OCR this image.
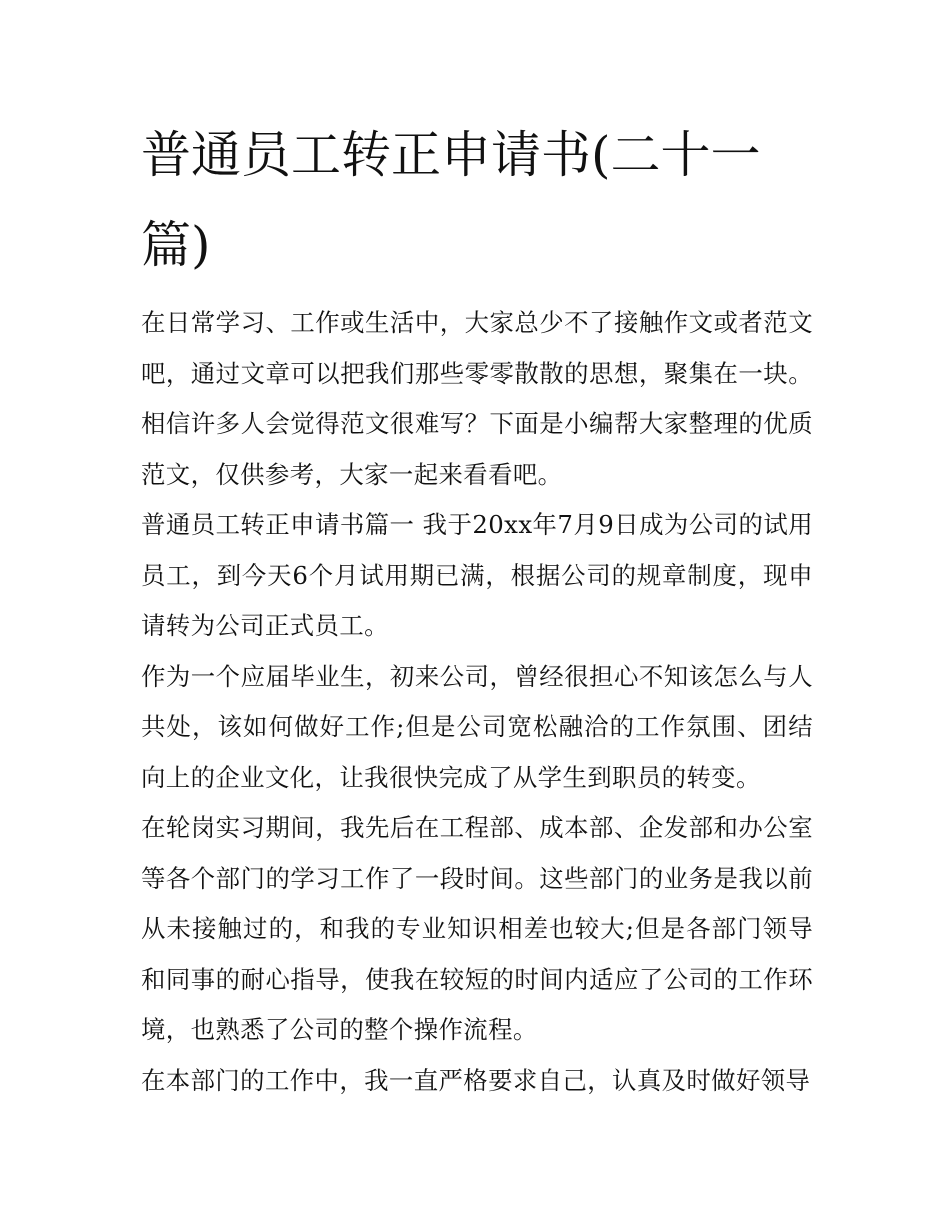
普通员工转正申请书(二十一篇)

在日常学习、工作或生活中，大家总少不了接触作文或者范文吧，通过文章可以把我们那些零零散散的思想，聚集在一块。相信许多人会觉得范文很难写？下面是小编帮大家整理的优质范文，仅供参考，大家一起来看看吧。

普通员工转正申请书篇一 我于20xx年7月9日成为公司的试用员工，到今天6个月试用期已满，根据公司的规章制度，现申请转为公司正式员工。

作为一个应届毕业生，初来公司，曾经很担心不知该怎么与人共处，该如何做好工作;但是公司宽松融洽的工作氛围、团结向上的企业文化，让我很快完成了从学生到职员的转变。

在轮岗实习期间，我先后在工程部、成本部、企发部和办公室等各个部门的学习工作了一段时间。这些部门的业务是我以前从未接触过的，和我的专业知识相差也较大;但是各部门领导和同事的耐心指导，使我在较短的时间内适应了公司的工作环境，也熟悉了公司的整个操作流程。

在本部门的工作中，我一直严格要求自己，认真及时做好领导
